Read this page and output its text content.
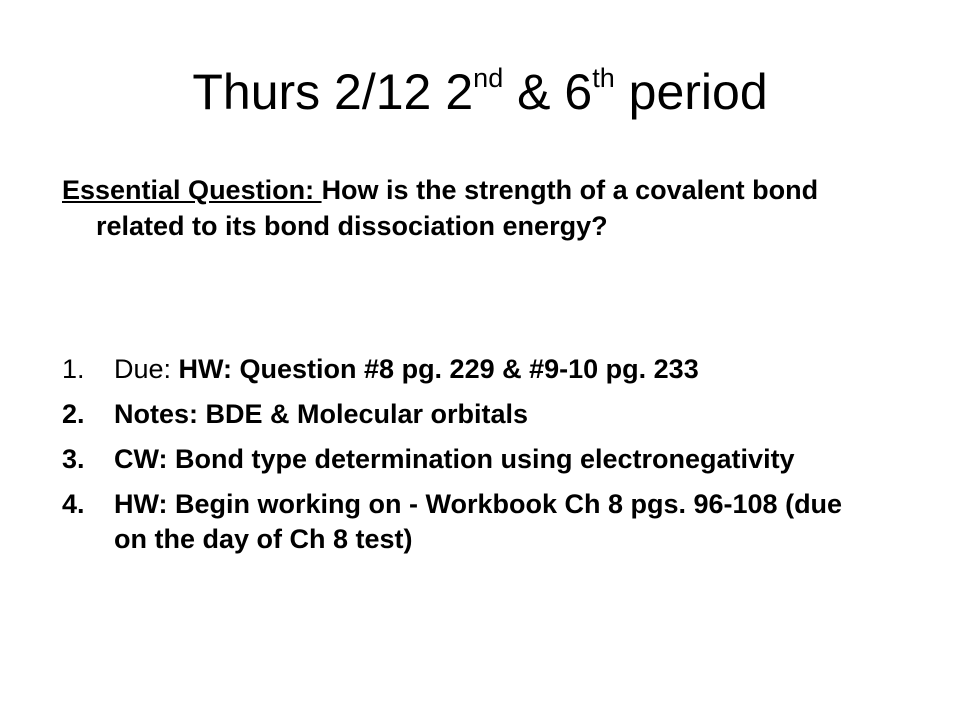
Thurs 2/12 2nd & 6th period
Essential Question: How is the strength of a covalent bond related to its bond dissociation energy?
1. Due: HW: Question #8 pg. 229 & #9-10 pg. 233
2. Notes: BDE & Molecular orbitals
3. CW: Bond type determination using electronegativity
4. HW: Begin working on - Workbook Ch 8 pgs. 96-108 (due on the day of Ch 8 test)
